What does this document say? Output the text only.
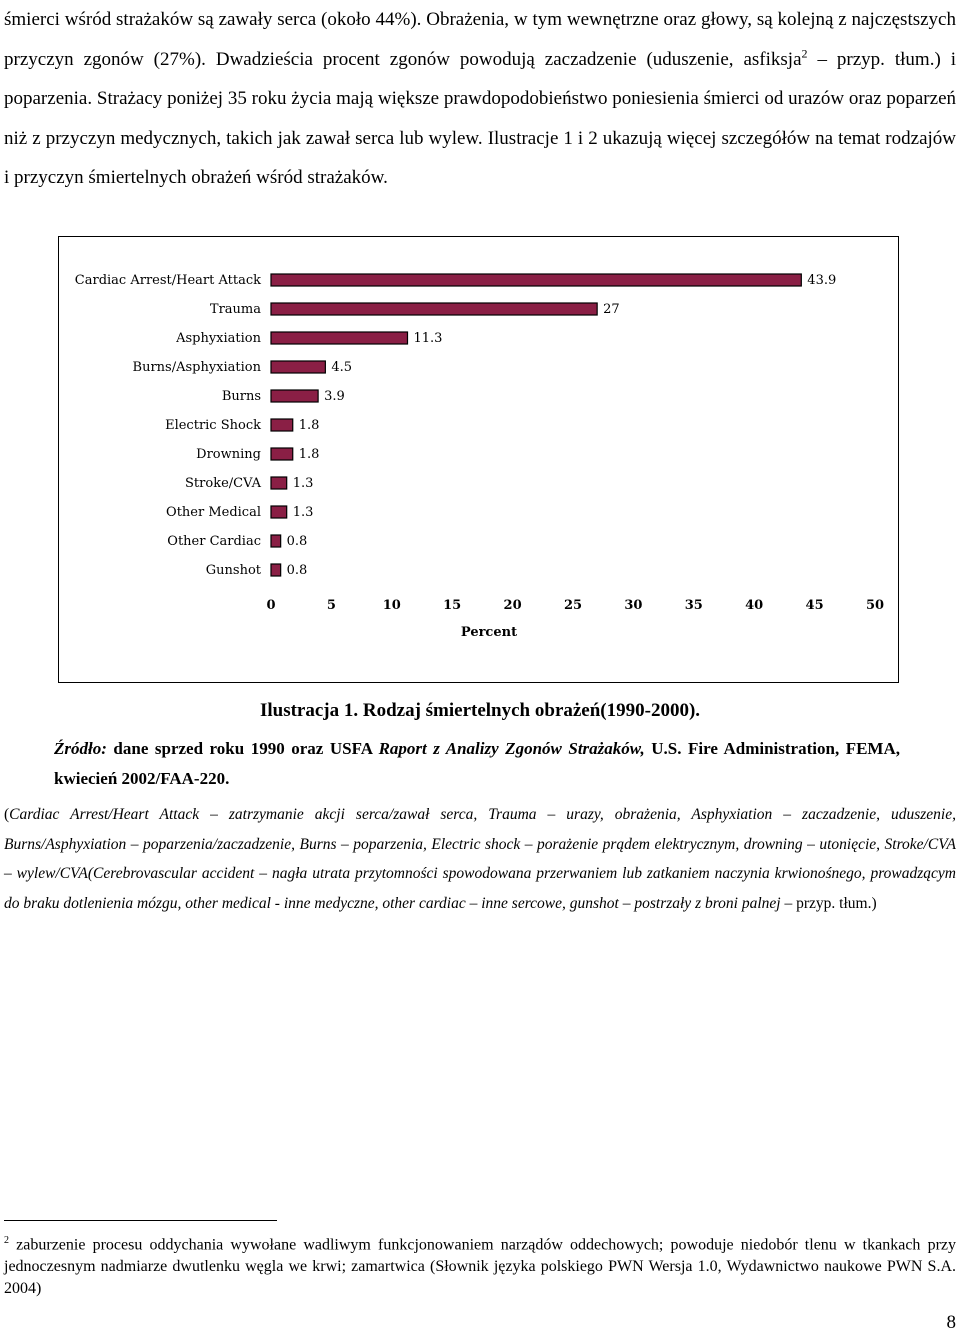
śmierci wśród strażaków są zawały serca (około 44%). Obrażenia, w tym wewnętrzne oraz głowy, są kolejną z najczęstszych przyczyn zgonów (27%). Dwadzieścia procent zgonów powodują zaczadzenie (uduszenie, asfiksja$^2$ – przyp. tłum.) i poparzenia. Strażacy poniżej 35 roku życia mają większe prawdopodobieństwo poniesienia śmierci od urazów oraz poparzeń niż z przyczyn medycznych, takich jak zawał serca lub wylew. Ilustracje 1 i 2 ukazują więcej szczegółów na temat rodzajów i przyczyn śmiertelnych obrażeń wśród strażaków.

Cardiac Arrest/Heart Attack	43.9
Trauma	27
Asphyxiation	11.3
Burns/Asphyxiation	4.5
Burns	3.9
Electric Shock	1.8
Drowning	1.8
Stroke/CVA 1.3
Other Medical 1.3
Other Cardiac 0.8
Gunshot 0.8
0	5	10	15	20	25	30	35	40	45	50
Percent

Ilustracja 1. Rodzaj śmiertelnych obrażeń(1990-2000).

Źródło: dane sprzed roku 1990 oraz USFA Raport z Analizy Zgonów Strażaków, U.S. Fire Administration, FEMA, kwiecień 2002/FAA-220.

(Cardiac Arrest/Heart Attack – zatrzymanie akcji serca/zawał serca, Trauma – urazy, obrażenia, Asphyxiation – zaczadzenie, uduszenie, Burns/Asphyxiation – poparzenia/zaczadzenie, Burns – poparzenia, Electric shock – porażenie prądem elektrycznym, drowning – utonięcie, Stroke/CVA – wylew/CVA(Cerebrovascular accident – nagła utrata przytomności spowodowana przerwaniem lub zatkaniem naczynia krwionośnego, prowadzącym do braku dotlenienia mózgu, other medical - inne medyczne, other cardiac – inne sercowe, gunshot – postrzały z broni palnej – przyp. tłum.)

$^2$ zaburzenie procesu oddychania wywołane wadliwym funkcjonowaniem narządów oddechowych; powoduje niedobór tlenu w tkankach przy jednoczesnym nadmiarze dwutlenku węgla we krwi; zamartwica (Słownik języka polskiego PWN Wersja 1.0, Wydawnictwo naukowe PWN S.A. 2004)

8
